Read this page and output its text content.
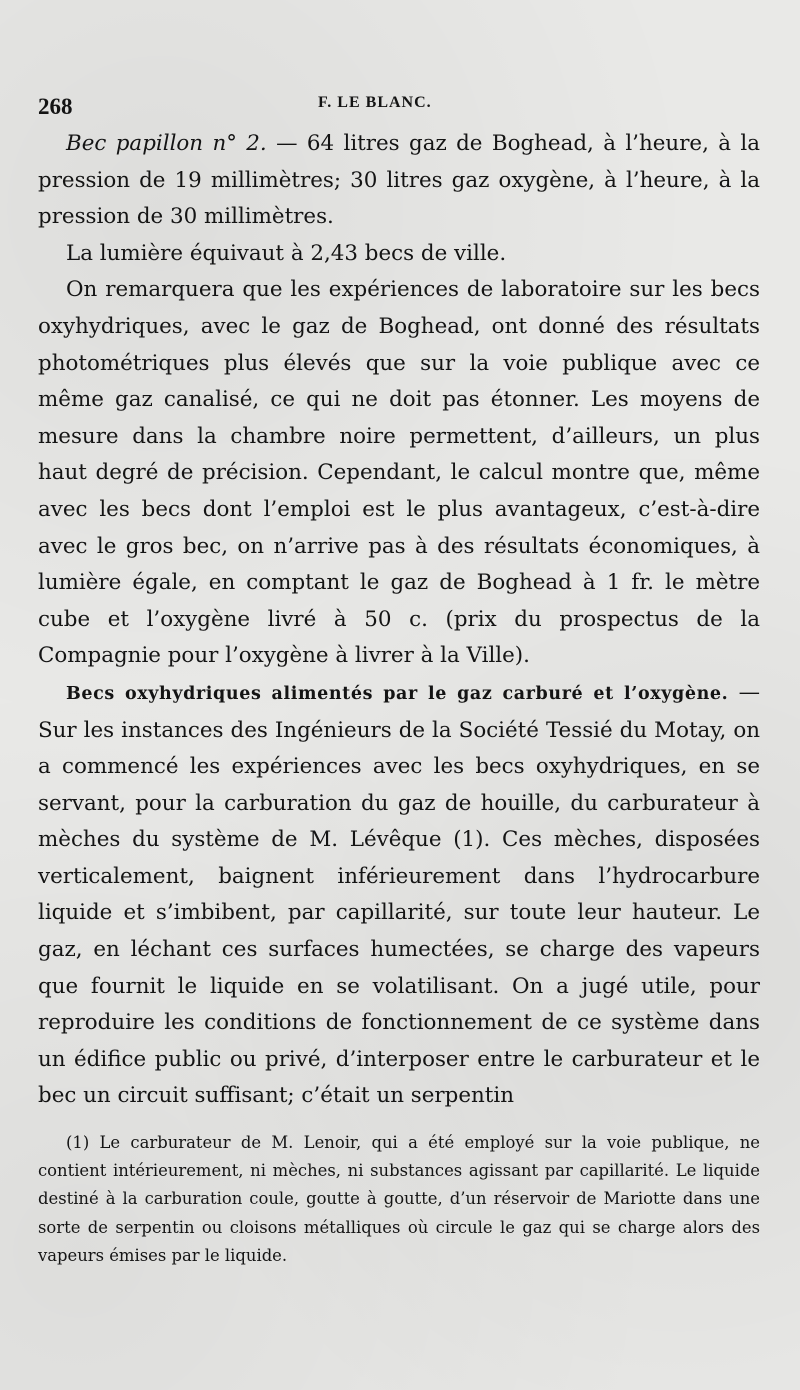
268	F. LE BLANC.

Bec papillon n° 2. — 64 litres gaz de Boghead, à l’heure, à la pression de 19 millimètres; 30 litres gaz oxygène, à l’heure, à la pression de 30 millimètres.

La lumière équivaut à 2,43 becs de ville.

On remarquera que les expériences de laboratoire sur les becs oxyhydriques, avec le gaz de Boghead, ont donné des résultats photométriques plus élevés que sur la voie publique avec ce même gaz canalisé, ce qui ne doit pas étonner. Les moyens de mesure dans la chambre noire permettent, d’ailleurs, un plus haut degré de précision. Cependant, le calcul montre que, même avec les becs dont l’emploi est le plus avantageux, c’est-à-dire avec le gros bec, on n’arrive pas à des résultats économiques, à lumière égale, en comptant le gaz de Boghead à 1 fr. le mètre cube et l’oxygène livré à 50 c. (prix du prospectus de la Compagnie pour l’oxygène à livrer à la Ville).

Becs oxyhydriques alimentés par le gaz carburé et l’oxygène. — Sur les instances des Ingénieurs de la Société Tessié du Motay, on a commencé les expériences avec les becs oxyhydriques, en se servant, pour la carburation du gaz de houille, du carburateur à mèches du système de M. Lévêque (1). Ces mèches, disposées verticalement, baignent inférieurement dans l’hydrocarbure liquide et s’imbibent, par capillarité, sur toute leur hauteur. Le gaz, en léchant ces surfaces humectées, se charge des vapeurs que fournit le liquide en se volatilisant. On a jugé utile, pour reproduire les conditions de fonctionnement de ce système dans un édifice public ou privé, d’interposer entre le carburateur et le bec un circuit suffisant; c’était un serpentin

(1) Le carburateur de M. Lenoir, qui a été employé sur la voie publique, ne contient intérieurement, ni mèches, ni substances agissant par capillarité. Le liquide destiné à la carburation coule, goutte à goutte, d’un réservoir de Mariotte dans une sorte de serpentin ou cloisons métalliques où circule le gaz qui se charge alors des vapeurs émises par le liquide.
